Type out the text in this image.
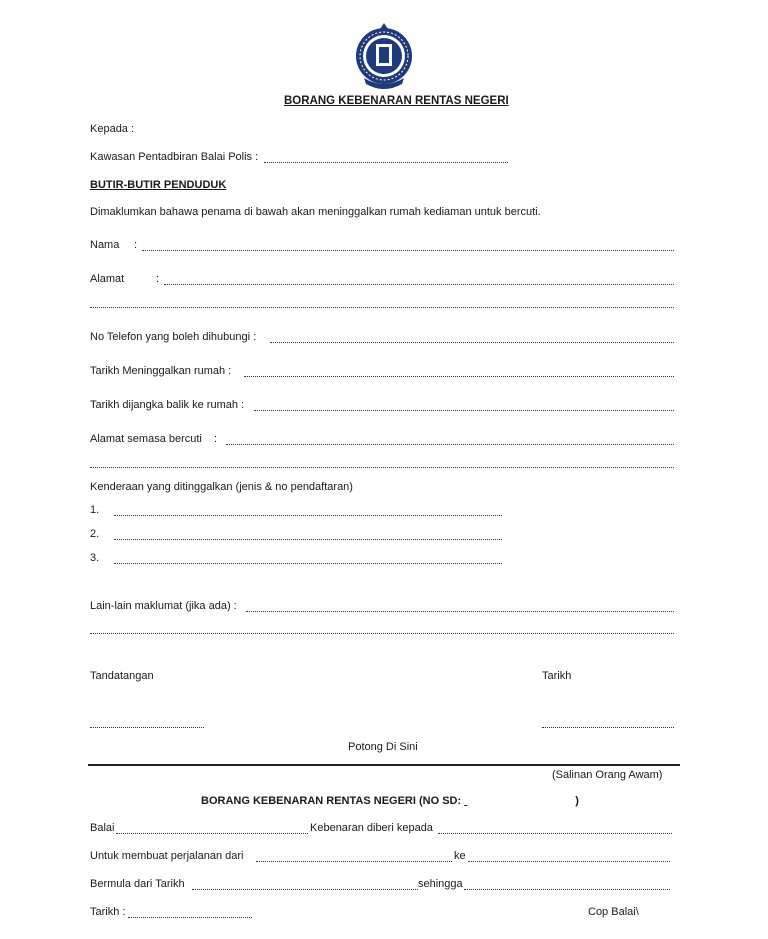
BORANG KEBENARAN RENTAS NEGERI
Kepada :
Kawasan Pentadbiran Balai Polis :
BUTIR-BUTIR PENDUDUK
Dimaklumkan bahawa penama di bawah akan meninggalkan rumah kediaman untuk bercuti.
Nama :
Alamat	:
No Telefon yang boleh dihubungi :
Tarikh Meninggalkan rumah :
Tarikh dijangka balik ke rumah :
Alamat semasa bercuti :
Kenderaan yang ditinggalkan (jenis & no pendaftaran)
1.
2.
3.
Lain-lain maklumat (jika ada) :
Tandatangan	Tarikh
Potong Di Sini
(Salinan Orang Awam)
BORANG KEBENARAN RENTAS NEGERI (NO SD:	)
Balai	Kebenaran diberi kepada
Untuk membuat perjalanan dari	ke
Bermula dari Tarikh	sehingga
Tarikh :	Cop Balai\
